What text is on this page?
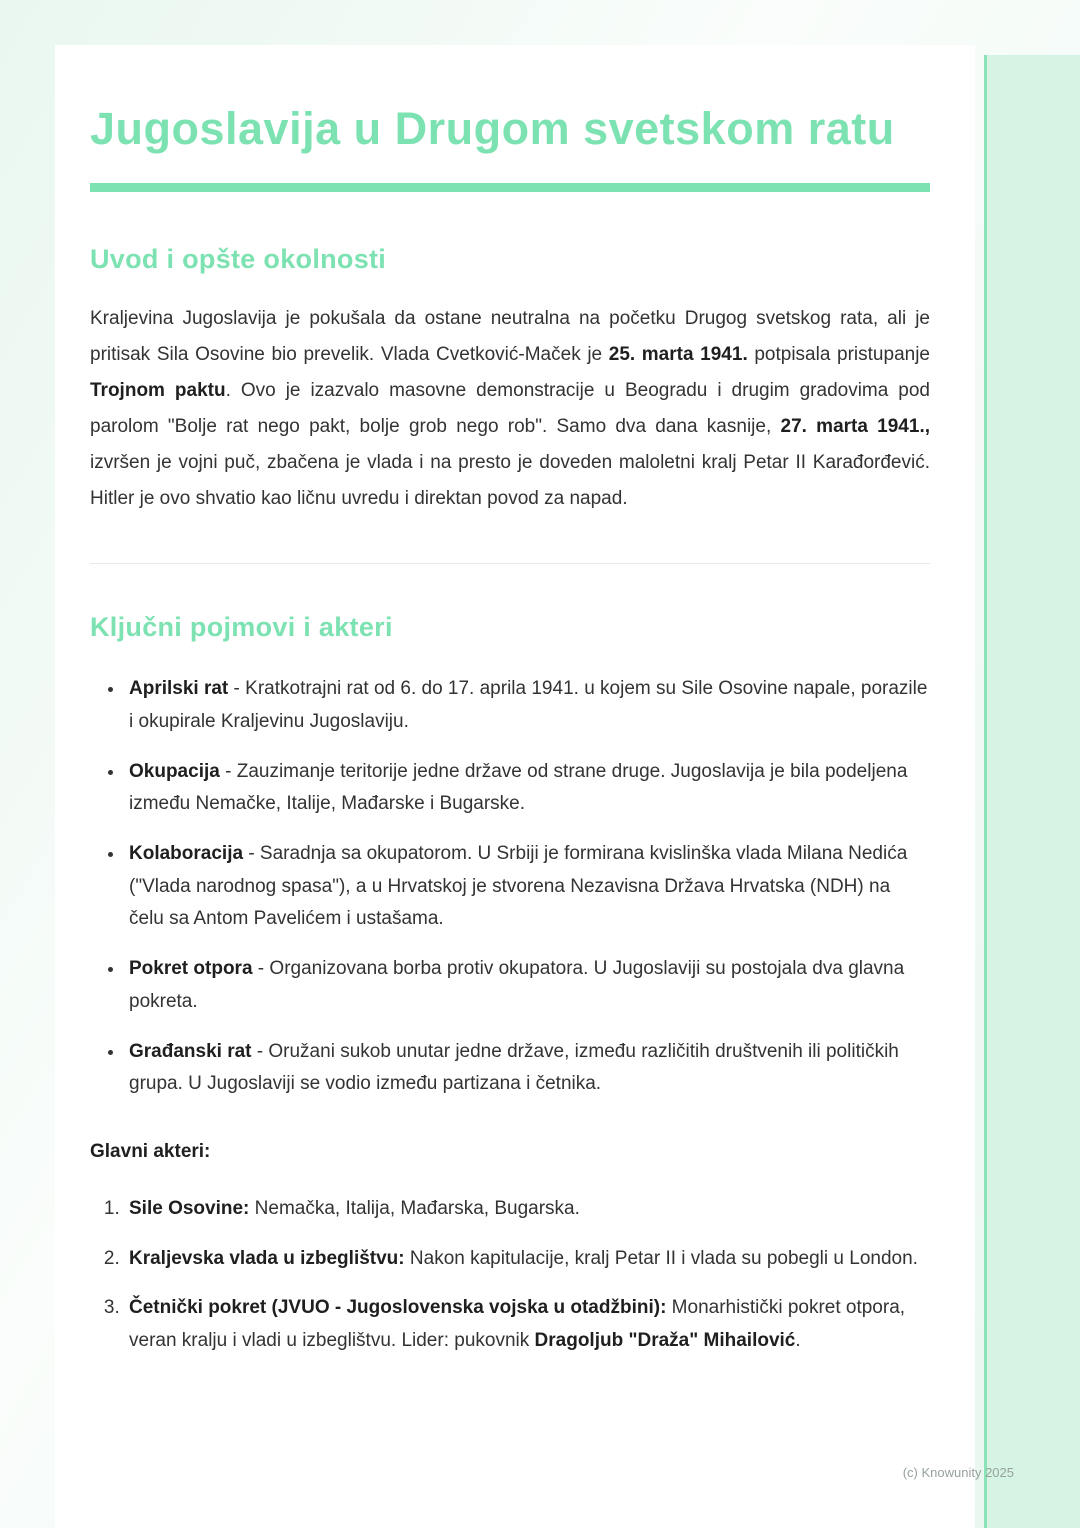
Jugoslavija u Drugom svetskom ratu
Uvod i opšte okolnosti

Kraljevina Jugoslavija je pokušala da ostane neutralna na početku Drugog svetskog rata, ali je pritisak Sila Osovine bio prevelik. Vlada Cvetković-Maček je 25. marta 1941. potpisala pristupanje Trojnom paktu. Ovo je izazvalo masovne demonstracije u Beogradu i drugim gradovima pod parolom "Bolje rat nego pakt, bolje grob nego rob". Samo dva dana kasnije, 27. marta 1941., izvršen je vojni puč, zbačena je vlada i na presto je doveden maloletni kralj Petar II Karađorđević. Hitler je ovo shvatio kao ličnu uvredu i direktan povod za napad.

Ključni pojmovi i akteri
• Aprilski rat - Kratkotrajni rat od 6. do 17. aprila 1941. u kojem su Sile Osovine napale, porazile i okupirale Kraljevinu Jugoslaviju.
• Okupacija - Zauzimanje teritorije jedne države od strane druge. Jugoslavija je bila podeljena između Nemačke, Italije, Mađarske i Bugarske.
• Kolaboracija - Saradnja sa okupatorom. U Srbiji je formirana kvislinška vlada Milana Nedića ("Vlada narodnog spasa"), a u Hrvatskoj je stvorena Nezavisna Država Hrvatska (NDH) na čelu sa Antom Pavelićem i ustašama.
• Pokret otpora - Organizovana borba protiv okupatora. U Jugoslaviji su postojala dva glavna pokreta.
• Građanski rat - Oružani sukob unutar jedne države, između različitih društvenih ili političkih grupa. U Jugoslaviji se vodio između partizana i četnika.

Glavni akteri:

1. Sile Osovine: Nemačka, Italija, Mađarska, Bugarska.
2. Kraljevska vlada u izbeglištvu: Nakon kapitulacije, kralj Petar II i vlada su pobegli u London.
3. Četnički pokret (JVUO - Jugoslovenska vojska u otadžbini): Monarhistički pokret otpora, veran kralju i vladi u izbeglištvu. Lider: pukovnik Dragoljub "Draža" Mihailović.
(c) Knowunity 2025
